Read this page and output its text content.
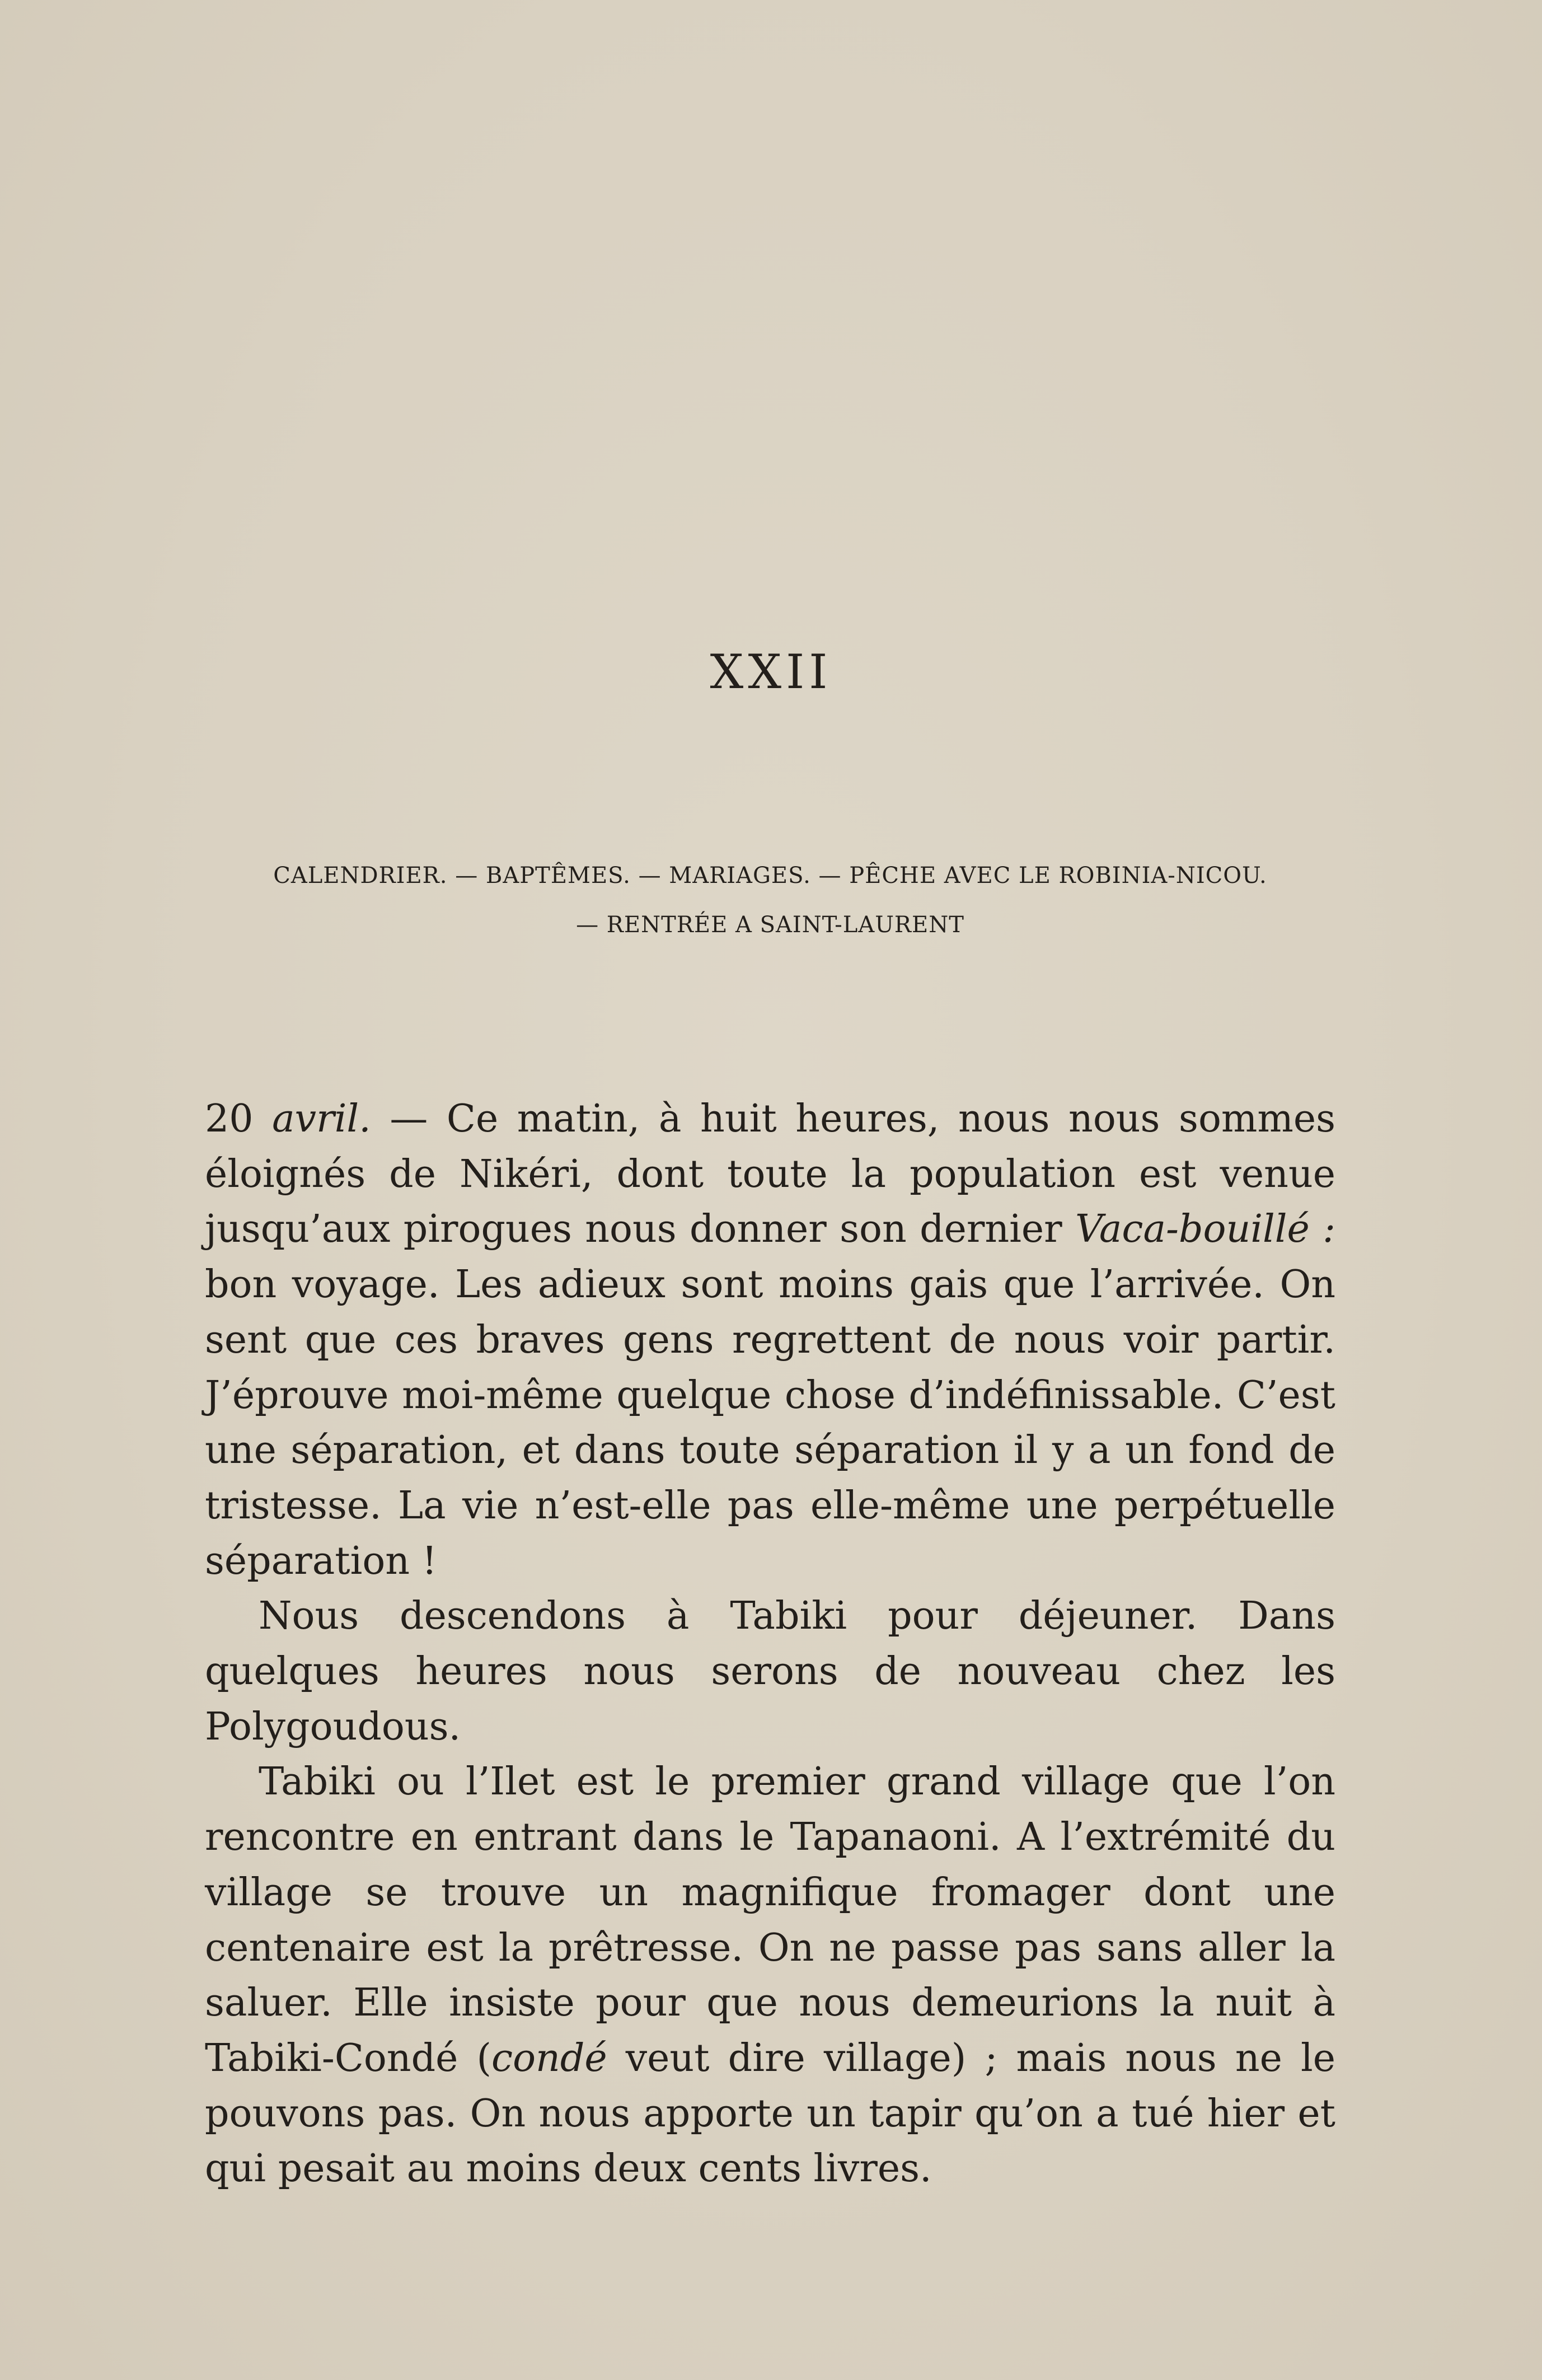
XXII
CALENDRIER. — BAPTÊMES. — MARIAGES. — PÊCHE AVEC LE ROBINIA-NICOU.
— RENTRÉE A SAINT-LAURENT

20 avril. — Ce matin, à huit heures, nous nous sommes éloignés de Nikéri, dont toute la population est venue jusqu’aux pirogues nous donner son dernier Vaca-bouillé : bon voyage. Les adieux sont moins gais que l’arrivée. On sent que ces braves gens regrettent de nous voir partir. J’éprouve moi-même quelque chose d’indéfinissable. C’est une séparation, et dans toute séparation il y a un fond de tristesse. La vie n’est-elle pas elle-même une perpétuelle séparation !

Nous descendons à Tabiki pour déjeuner. Dans quelques heures nous serons de nouveau chez les Polygoudous.

Tabiki ou l’Ilet est le premier grand village que l’on rencontre en entrant dans le Tapanaoni. A l’extrémité du village se trouve un magnifique fromager dont une centenaire est la prêtresse. On ne passe pas sans aller la saluer. Elle insiste pour que nous demeurions la nuit à Tabiki-Condé (condé veut dire village) ; mais nous ne le pouvons pas. On nous apporte un tapir qu’on a tué hier et qui pesait au moins deux cents livres.
